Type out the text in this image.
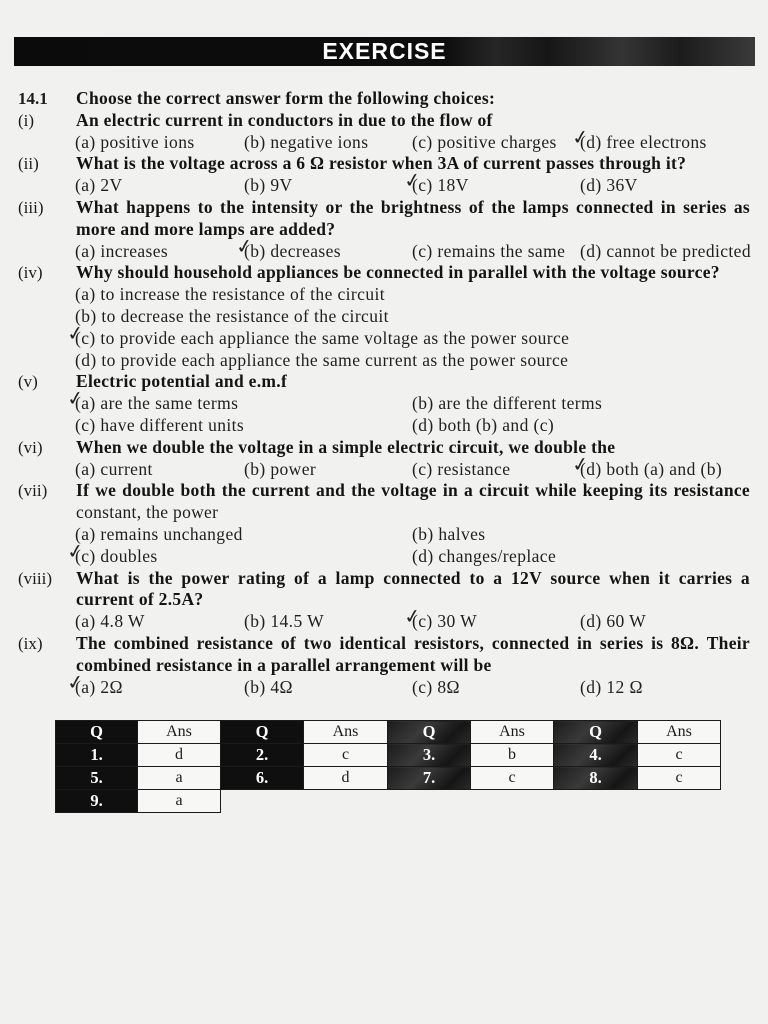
EXERCISE
14.1 Choose the correct answer form the following choices:
(i) An electric current in conductors in due to the flow of
(a) positive ions	(b) negative ions (c) positive charges (d) free electrons
✓
(ii) What is the voltage across a 6 Ω resistor when 3A of current passes through it?
(a) 2V	(b) 9V	(c) 18V ✓	(d) 36V
(iii) What happens to the intensity or the brightness of the lamps connected in series as
more and more lamps are added?
(a) increases	(b) decreases ✓	(c) remains the same (d) cannot be predicted
(iv) Why should household appliances be connected in parallel with the voltage source?
(a) to increase the resistance of the circuit
(b) to decrease the resistance of the circuit
(c) to provide each appliance the same voltage as the power source
✓
(d) to provide each appliance the same current as the power source
(v) Electric potential and e.m.f
(a) are the same terms ✓	(b) are the different terms
(c) have different units	(d) both (b) and (c)
(vi) When we double the voltage in a simple electric circuit, we double the
(a) current	(b) power	(c) resistance	(d) both (a) and (b)
✓
(vii) If we double both the current and the voltage in a circuit while keeping its resistance
constant, the power
(a) remains unchanged	(b) halves
(c) doubles ✓	(d) changes/replace
(viii) What is the power rating of a lamp connected to a 12V source when it carries a
current of 2.5A?
(a) 4.8 W	(b) 14.5 W	(c) 30 W ✓	(d) 60 W
(ix) The combined resistance of two identical resistors, connected in series is 8Ω. Their
combined resistance in a parallel arrangement will be
(a) 2Ω ✓	(b) 4Ω	(c) 8Ω	(d) 12 Ω
Q	Ans	Q	Ans	Q	Ans	Q	Ans
1.	d	2.	c	3.	b	4.	c
5.	a	6.	d	7.	c	8.	c
9.	a						
